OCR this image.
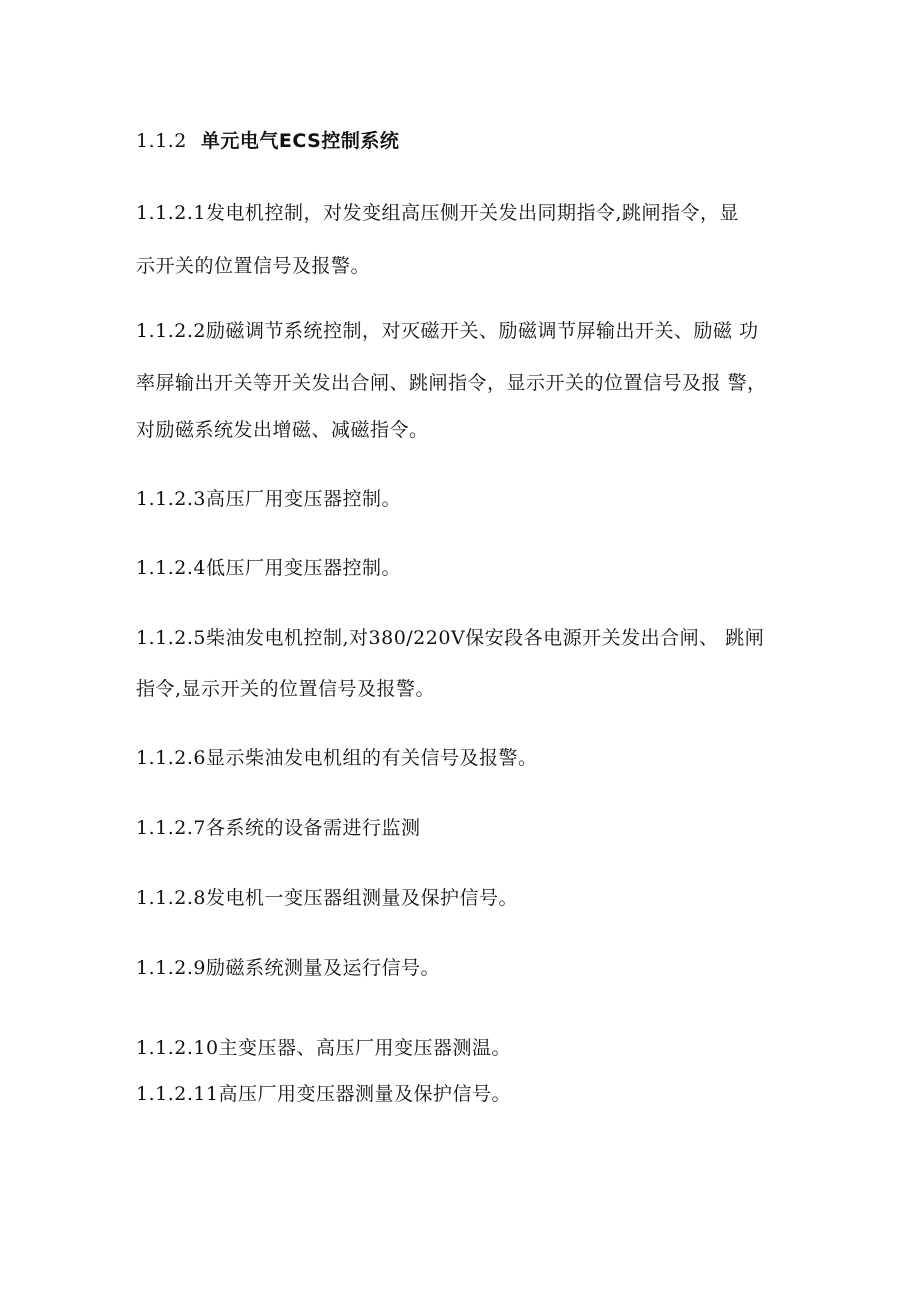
1.1.2 单元电气ECS控制系统
1.1.2.1发电机控制，对发变组高压侧开关发出同期指令,跳闸指令，显
示开关的位置信号及报警。
1.1.2.2励磁调节系统控制，对灭磁开关、励磁调节屏输出开关、励磁 功
率屏输出开关等开关发出合闸、跳闸指令，显示开关的位置信号及报 警，
对励磁系统发出增磁、减磁指令。
1.1.2.3高压厂用变压器控制。
1.1.2.4低压厂用变压器控制。
1.1.2.5柴油发电机控制,对380/220V保安段各电源开关发出合闸、 跳闸
指令,显示开关的位置信号及报警。
1.1.2.6显示柴油发电机组的有关信号及报警。
1.1.2.7各系统的设备需进行监测
1.1.2.8发电机一变压器组测量及保护信号。
1.1.2.9励磁系统测量及运行信号。
1.1.2.10主变压器、高压厂用变压器测温。
1.1.2.11高压厂用变压器测量及保护信号。
